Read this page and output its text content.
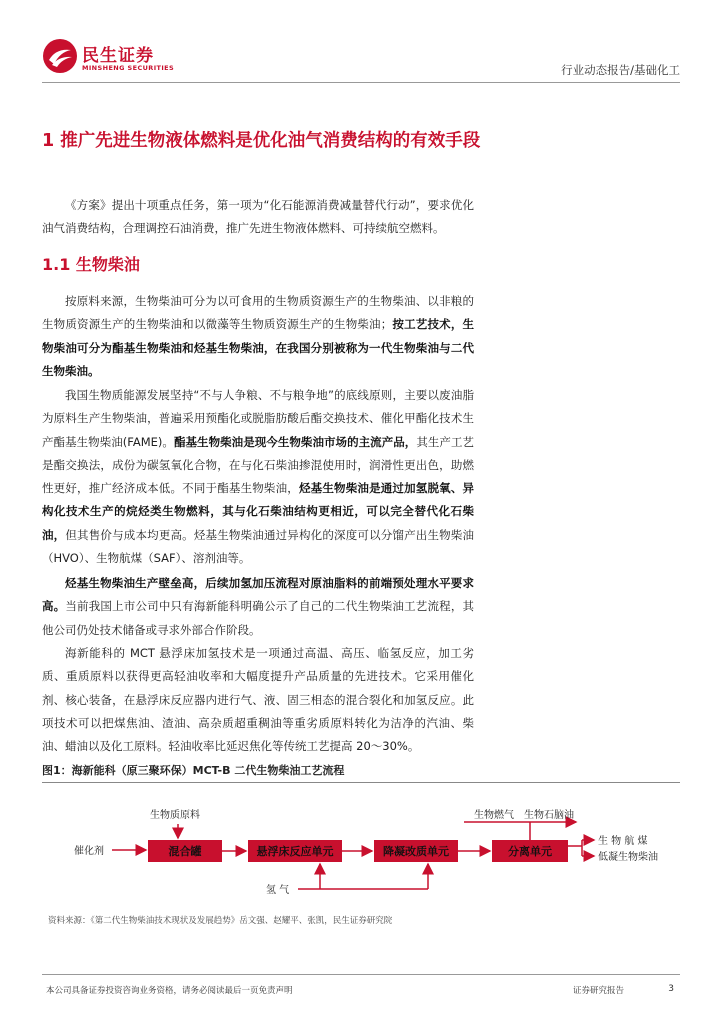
民生证券
MINSHENG SECURITIES	行业动态报告/基础化工
1 推广先进生物液体燃料是优化油气消费结构的有效手段

《方案》提出十项重点任务，第一项为“化石能源消费减量替代行动”，要求优化油气消费结构，合理调控石油消费，推广先进生物液体燃料、可持续航空燃料。

1.1 生物柴油

按原料来源，生物柴油可分为以可食用的生物质资源生产的生物柴油、以非粮的生物质资源生产的生物柴油和以微藻等生物质资源生产的生物柴油；按工艺技术，生物柴油可分为酯基生物柴油和烃基生物柴油，在我国分别被称为一代生物柴油与二代生物柴油。

我国生物质能源发展坚持“不与人争粮、不与粮争地”的底线原则，主要以废油脂为原料生产生物柴油，普遍采用预酯化或脱脂肪酸后酯交换技术、催化甲酯化技术生产酯基生物柴油(FAME)。酯基生物柴油是现今生物柴油市场的主流产品，其生产工艺是酯交换法，成份为碳氢氧化合物，在与化石柴油掺混使用时，润滑性更出色，助燃性更好，推广经济成本低。不同于酯基生物柴油，烃基生物柴油是通过加氢脱氧、异构化技术生产的烷烃类生物燃料，其与化石柴油结构更相近，可以完全替代化石柴油，但其售价与成本均更高。烃基生物柴油通过异构化的深度可以分馏产出生物柴油（HVO）、生物航煤（SAF）、溶剂油等。

烃基生物柴油生产壁垒高，后续加氢加压流程对原油脂料的前端预处理水平要求高。当前我国上市公司中只有海新能科明确公示了自己的二代生物柴油工艺流程，其他公司仍处技术储备或寻求外部合作阶段。

海新能科的 MCT 悬浮床加氢技术是一项通过高温、高压、临氢反应，加工劣质、重质原料以获得更高轻油收率和大幅度提升产品质量的先进技术。它采用催化剂、核心装备，在悬浮床反应器内进行气、液、固三相态的混合裂化和加氢反应。此项技术可以把煤焦油、渣油、高杂质超重稠油等重劣质原料转化为洁净的汽油、柴油、蜡油以及化工原料。轻油收率比延迟焦化等传统工艺提高 20～30%。

图1：海新能科（原三聚环保）MCT-B 二代生物柴油工艺流程
催化剂
生物质原料
混合罐	悬浮床反应单元	降凝改质单元	分离单元
氢 气
生物燃气 生物石脑油
生 物 航 煤
低凝生物柴油
资料来源：《第二代生物柴油技术现状及发展趋势》岳文强、赵耀平、张凯，民生证券研究院
本公司具备证券投资咨询业务资格，请务必阅读最后一页免责声明	证券研究报告	3
